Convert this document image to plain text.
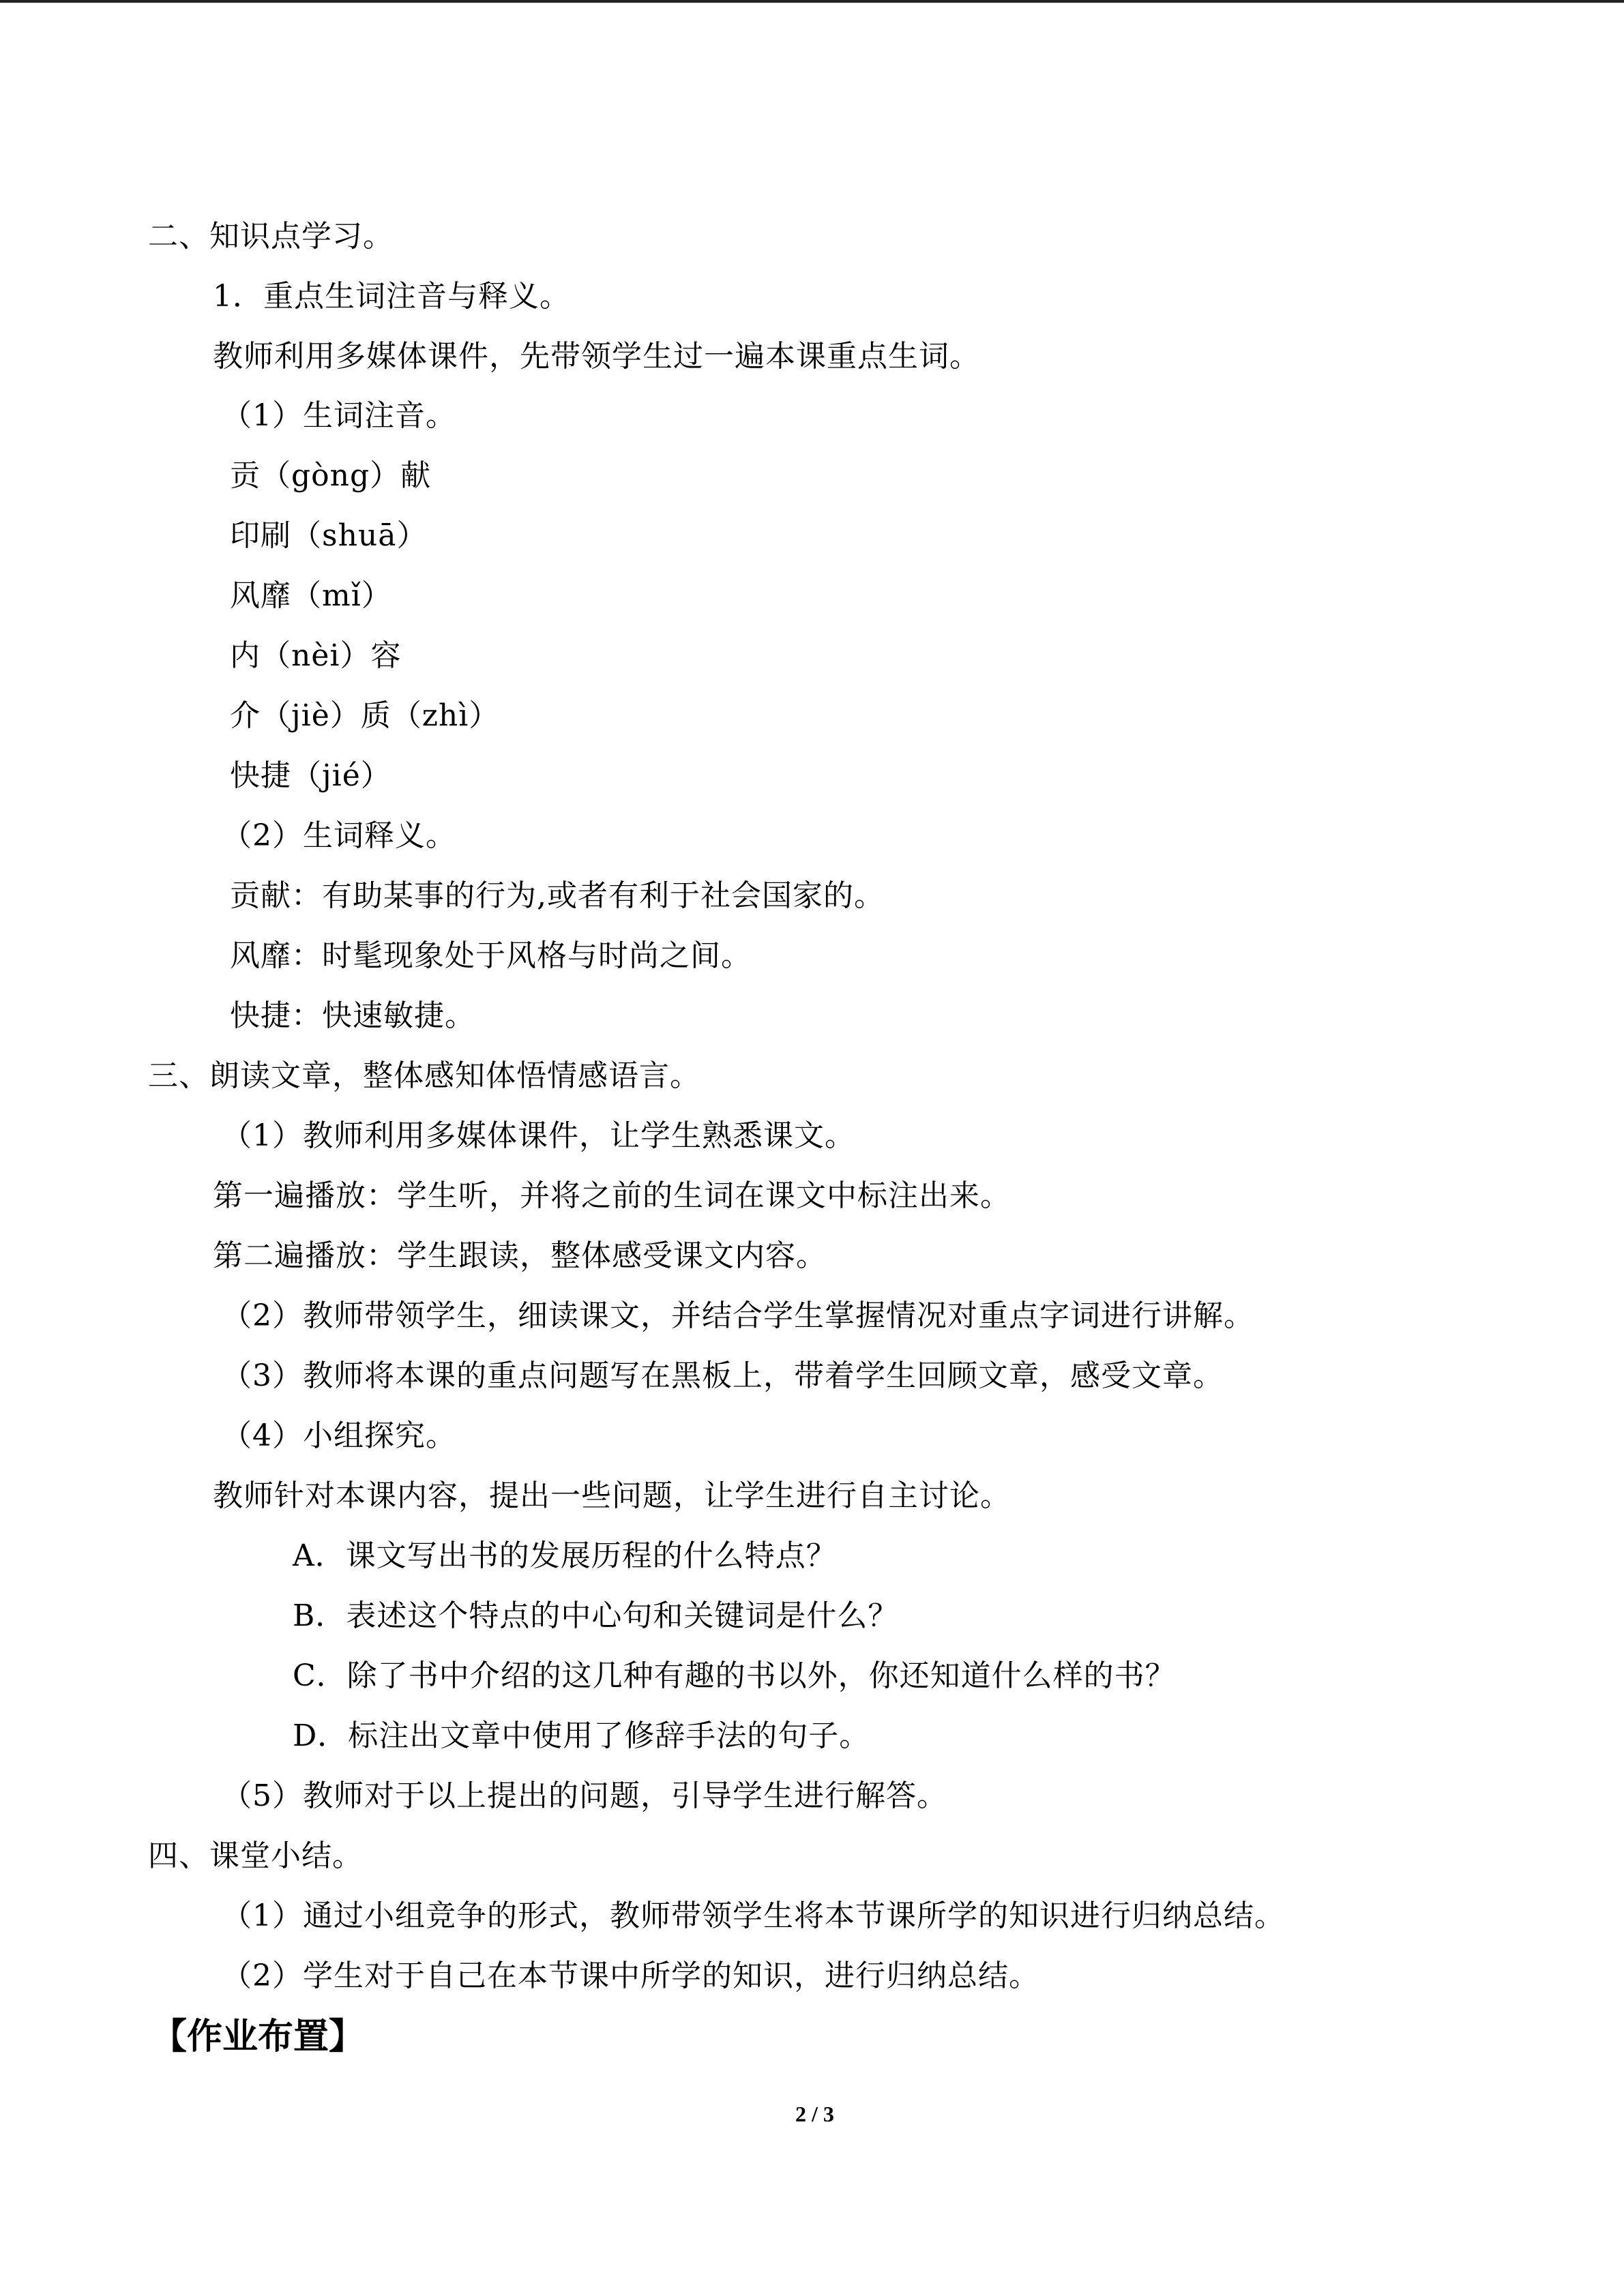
二、知识点学习。
1．重点生词注音与释义。
教师利用多媒体课件，先带领学生过一遍本课重点生词。
（1）生词注音。
贡（gòng）献
印刷（shuā）
风靡（mǐ）
内（nèi）容
介（jiè）质（zhì）
快捷（jié）
（2）生词释义。
贡献：有助某事的行为,或者有利于社会国家的。
风靡：时髦现象处于风格与时尚之间。
快捷：快速敏捷。
三、朗读文章，整体感知体悟情感语言。
（1）教师利用多媒体课件，让学生熟悉课文。
第一遍播放：学生听，并将之前的生词在课文中标注出来。
第二遍播放：学生跟读，整体感受课文内容。
（2）教师带领学生，细读课文，并结合学生掌握情况对重点字词进行讲解。
（3）教师将本课的重点问题写在黑板上，带着学生回顾文章，感受文章。
（4）小组探究。
教师针对本课内容，提出一些问题，让学生进行自主讨论。
A．课文写出书的发展历程的什么特点？
B．表述这个特点的中心句和关键词是什么？
C．除了书中介绍的这几种有趣的书以外，你还知道什么样的书？
D．标注出文章中使用了修辞手法的句子。
（5）教师对于以上提出的问题，引导学生进行解答。
四、课堂小结。
（1）通过小组竞争的形式，教师带领学生将本节课所学的知识进行归纳总结。
（2）学生对于自己在本节课中所学的知识，进行归纳总结。
【作业布置】
2 / 3
